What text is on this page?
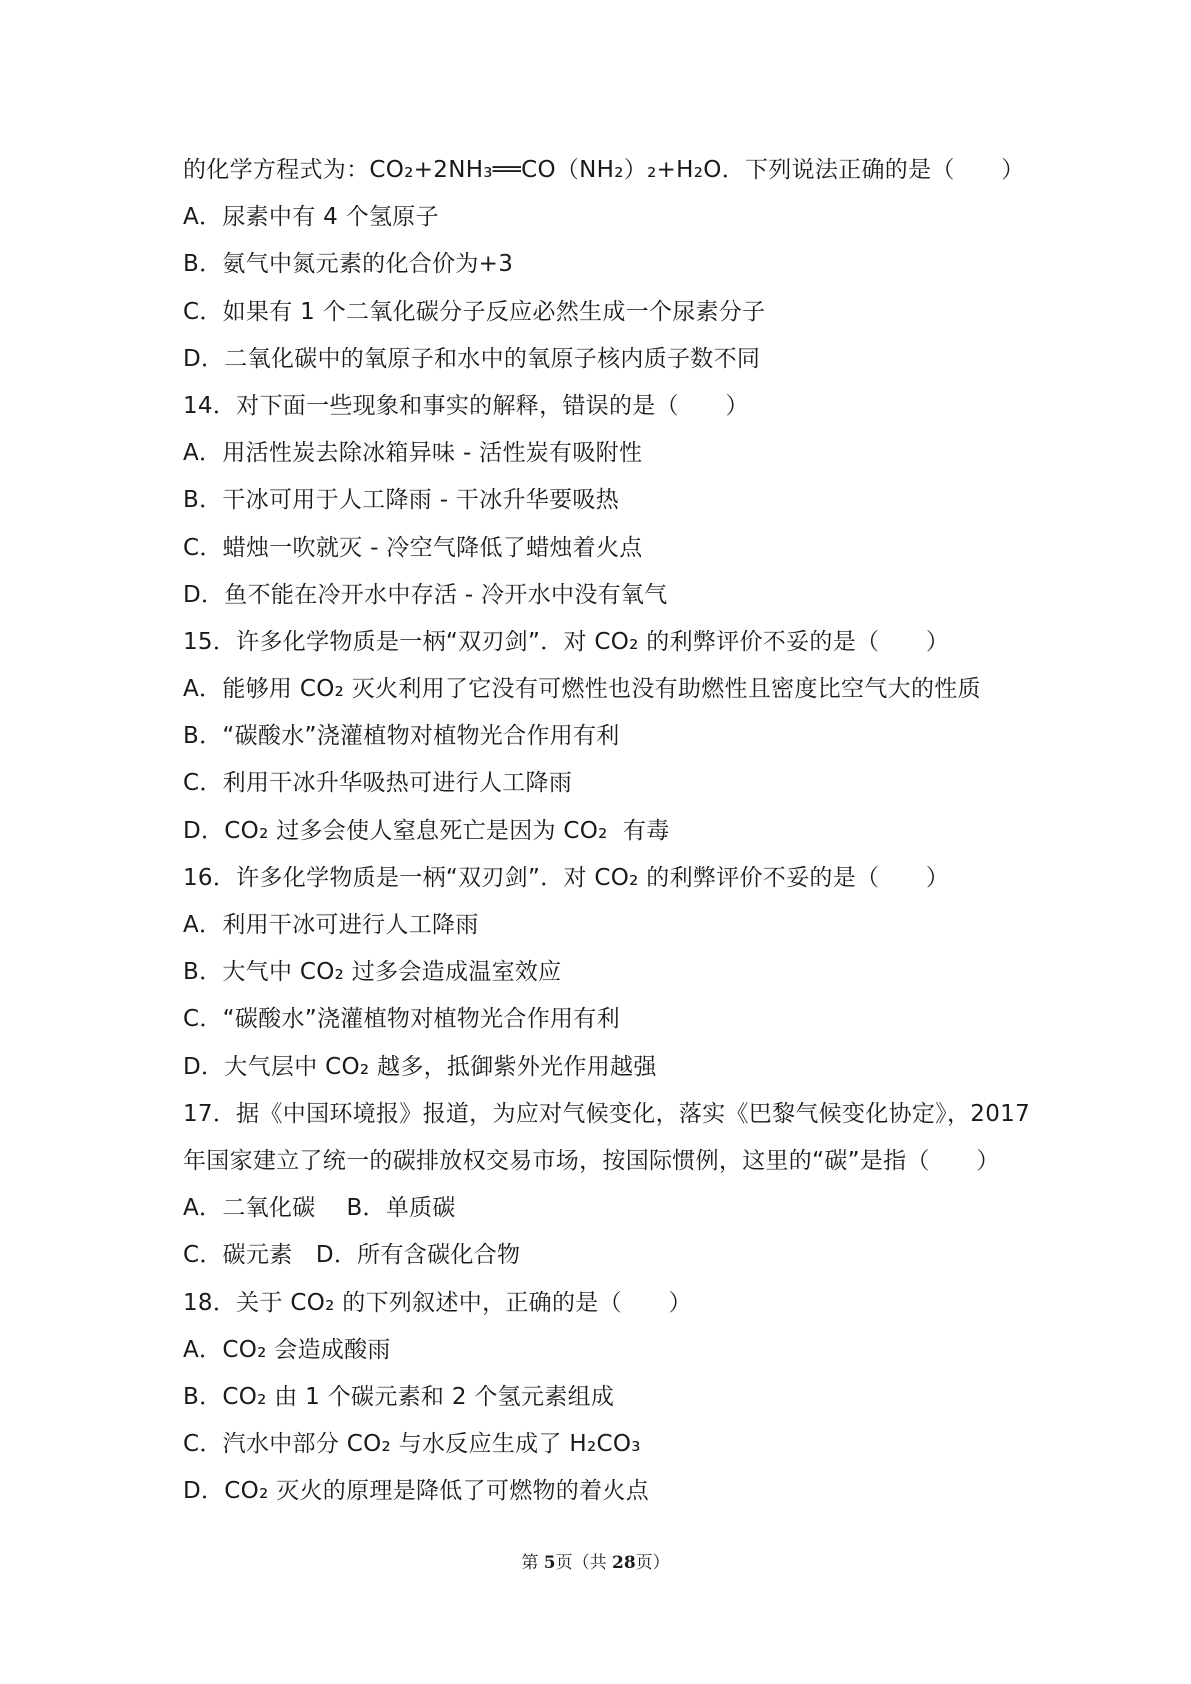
的化学方程式为：CO₂+2NH₃══CO（NH₂）₂+H₂O．下列说法正确的是（　　）
A．尿素中有 4 个氢原子
B．氨气中氮元素的化合价为+3
C．如果有 1 个二氧化碳分子反应必然生成一个尿素分子
D．二氧化碳中的氧原子和水中的氧原子核内质子数不同
14．对下面一些现象和事实的解释，错误的是（　　）
A．用活性炭去除冰箱异味 - 活性炭有吸附性
B．干冰可用于人工降雨 - 干冰升华要吸热
C．蜡烛一吹就灭 - 冷空气降低了蜡烛着火点
D．鱼不能在冷开水中存活 - 冷开水中没有氧气
15．许多化学物质是一柄“双刃剑”．对 CO₂ 的利弊评价不妥的是（　　）
A．能够用 CO₂ 灭火利用了它没有可燃性也没有助燃性且密度比空气大的性质
B．“碳酸水”浇灌植物对植物光合作用有利
C．利用干冰升华吸热可进行人工降雨
D．CO₂ 过多会使人窒息死亡是因为 CO₂  有毒
16．许多化学物质是一柄“双刃剑”．对 CO₂ 的利弊评价不妥的是（　　）
A．利用干冰可进行人工降雨
B．大气中 CO₂ 过多会造成温室效应
C．“碳酸水”浇灌植物对植物光合作用有利
D．大气层中 CO₂ 越多，抵御紫外光作用越强
17．据《中国环境报》报道，为应对气候变化，落实《巴黎气候变化协定》，2017
年国家建立了统一的碳排放权交易市场，按国际惯例，这里的“碳”是指（　　）
A．二氧化碳　 B．单质碳
C．碳元素　D．所有含碳化合物
18．关于 CO₂ 的下列叙述中，正确的是（　　）
A．CO₂ 会造成酸雨
B．CO₂ 由 1 个碳元素和 2 个氢元素组成
C．汽水中部分 CO₂ 与水反应生成了 H₂CO₃
D．CO₂ 灭火的原理是降低了可燃物的着火点
第 5页（共 28页）
